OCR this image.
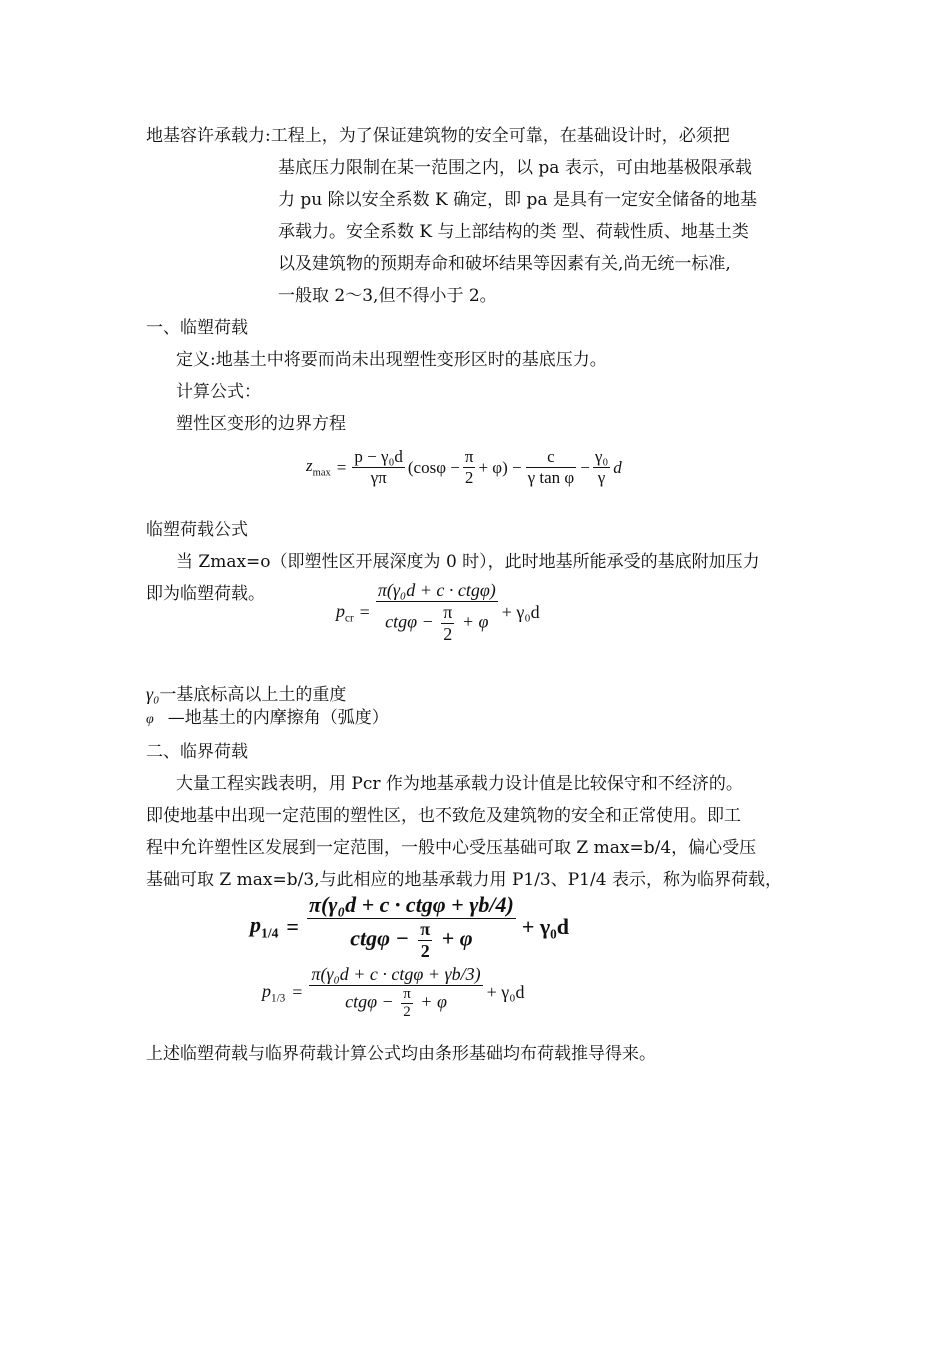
地基容许承载力:工程上，为了保证建筑物的安全可靠，在基础设计时，必须把

基底压力限制在某一范围之内，以 pa 表示，可由地基极限承载

力 pu 除以安全系数 K 确定，即 pa 是具有一定安全储备的地基

承载力。安全系数 K 与上部结构的类 型、荷载性质、地基土类

以及建筑物的预期寿命和破坏结果等因素有关,尚无统一标准,

一般取 2～3,但不得小于 2。

一、临塑荷载

定义:地基土中将要而尚未出现塑性变形区时的基底压力。

计算公式：

塑性区变形的边界方程

$z_{max} = \frac{\text{p − γ₀d}}{\gamma\pi} (\cos\varphi - \frac{\pi}{2} + \varphi) - \frac{c}{\text{γ tan φ}} - \frac{\text{γ₀}}{\gamma}$ d

临塑荷载公式

当 Zmax=o（即塑性区开展深度为 0 时），此时地基所能承受的基底附加压力

即为临塑荷载。

$p_{cr} = \frac{\text{π(γ₀d + c · ctgφ)}}{ctg\varphi - \frac{\pi}{2} + \varphi} + \gamma_0d$

γ₀一基底标高以上土的重度

φ —地基土的内摩擦角（弧度）

二、临界荷载

大量工程实践表明，用 Pcr 作为地基承载力设计值是比较保守和不经济的。

即使地基中出现一定范围的塑性区，也不致危及建筑物的安全和正常使用。即工

程中允许塑性区发展到一定范围，一般中心受压基础可取 Z max=b/4，偏心受压

基础可取 Z max=b/3,与此相应的地基承载力用 P1/3、P1/4 表示，称为临界荷载，

$p_{1/4} = \frac{\text{π(γ₀d + c · ctgφ + γb/4)}}{ctg\varphi - \frac{\pi}{2} + \varphi} + \gamma_0d$
$p_{1/3} = \frac{\text{π(γ₀d + c · ctgφ + γb/3)}}{ctg\varphi - \frac{\pi}{2} + \varphi} + \gamma_0d$

上述临塑荷载与临界荷载计算公式均由条形基础均布荷载推导得来。
